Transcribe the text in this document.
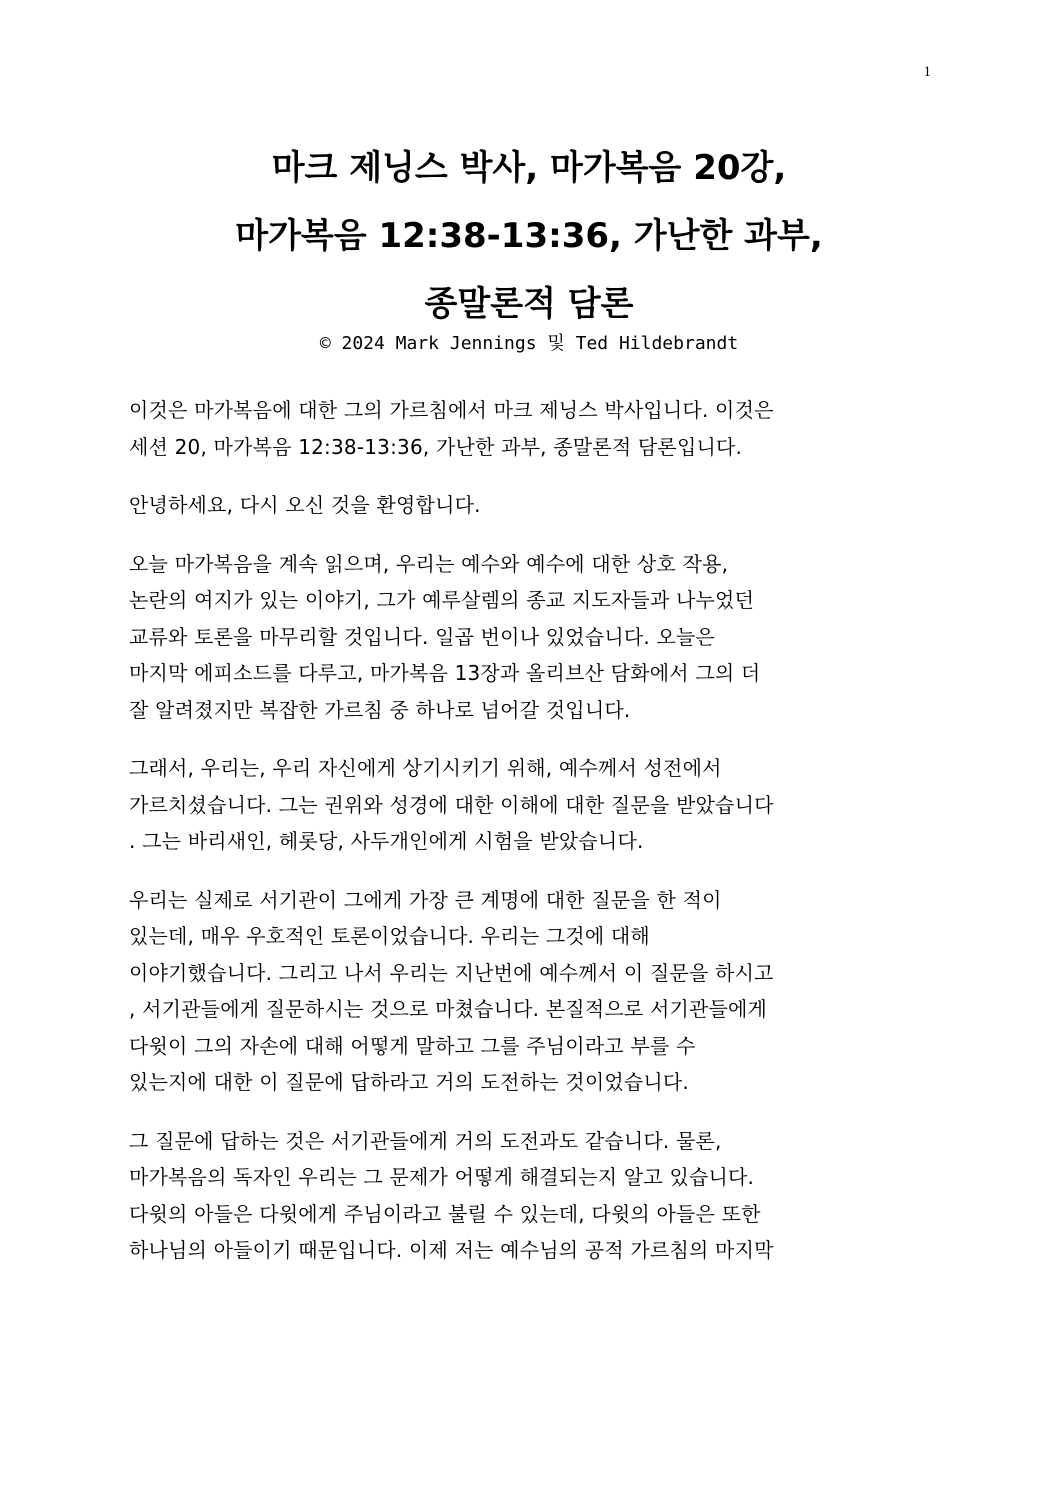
1
마크 제닝스 박사, 마가복음 20강,
마가복음 12:38-13:36, 가난한 과부,
종말론적 담론
© 2024 Mark Jennings 및 Ted Hildebrandt
이것은 마가복음에 대한 그의 가르침에서 마크 제닝스 박사입니다. 이것은
세션 20, 마가복음 12:38-13:36, 가난한 과부, 종말론적 담론입니다.
안녕하세요, 다시 오신 것을 환영합니다.
오늘 마가복음을 계속 읽으며, 우리는 예수와 예수에 대한 상호 작용,
논란의 여지가 있는 이야기, 그가 예루살렘의 종교 지도자들과 나누었던
교류와 토론을 마무리할 것입니다. 일곱 번이나 있었습니다. 오늘은
마지막 에피소드를 다루고, 마가복음 13장과 올리브산 담화에서 그의 더
잘 알려졌지만 복잡한 가르침 중 하나로 넘어갈 것입니다.
그래서, 우리는, 우리 자신에게 상기시키기 위해, 예수께서 성전에서
가르치셨습니다. 그는 권위와 성경에 대한 이해에 대한 질문을 받았습니다
. 그는 바리새인, 헤롯당, 사두개인에게 시험을 받았습니다.
우리는 실제로 서기관이 그에게 가장 큰 계명에 대한 질문을 한 적이
있는데, 매우 우호적인 토론이었습니다. 우리는 그것에 대해
이야기했습니다. 그리고 나서 우리는 지난번에 예수께서 이 질문을 하시고
, 서기관들에게 질문하시는 것으로 마쳤습니다. 본질적으로 서기관들에게
다윗이 그의 자손에 대해 어떻게 말하고 그를 주님이라고 부를 수
있는지에 대한 이 질문에 답하라고 거의 도전하는 것이었습니다.
그 질문에 답하는 것은 서기관들에게 거의 도전과도 같습니다. 물론,
마가복음의 독자인 우리는 그 문제가 어떻게 해결되는지 알고 있습니다.
다윗의 아들은 다윗에게 주님이라고 불릴 수 있는데, 다윗의 아들은 또한
하나님의 아들이기 때문입니다. 이제 저는 예수님의 공적 가르침의 마지막
